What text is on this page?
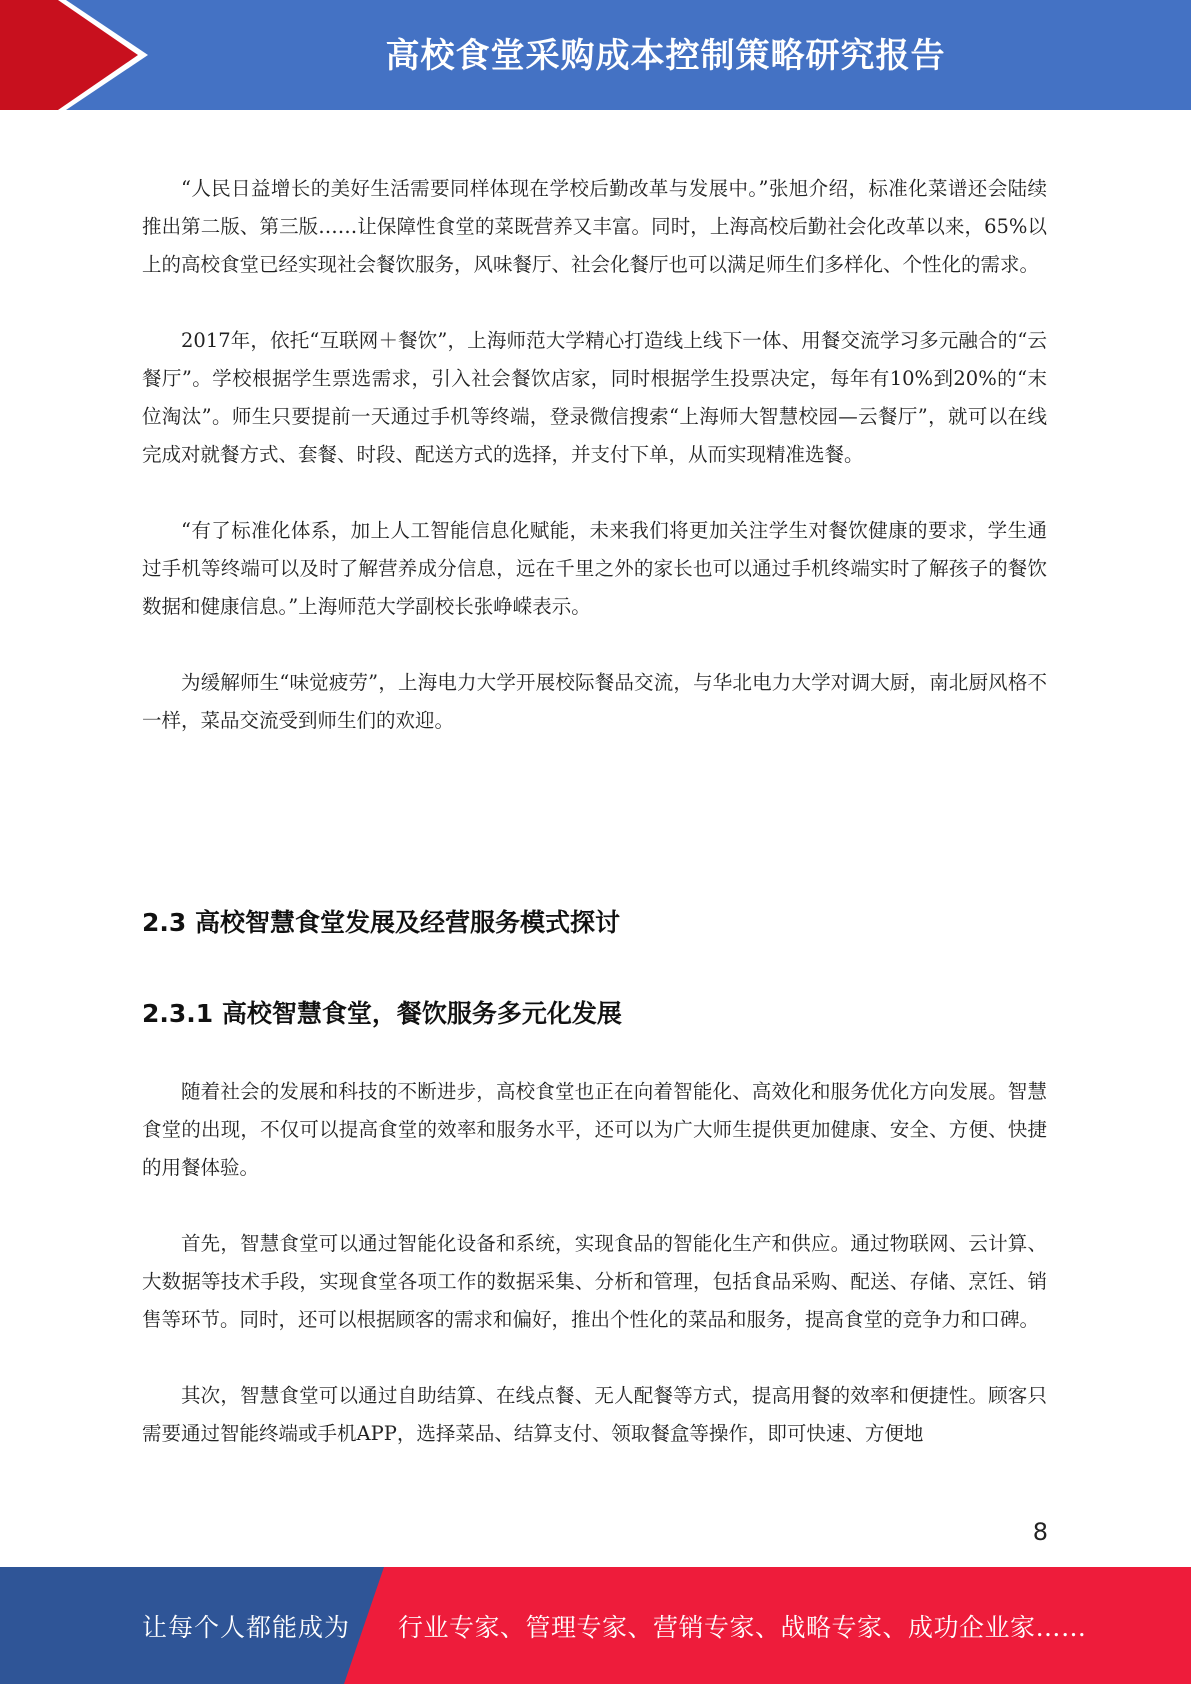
高校食堂采购成本控制策略研究报告

“人民日益增长的美好生活需要同样体现在学校后勤改革与发展中。”张旭介绍，标准化菜谱还会陆续推出第二版、第三版……让保障性食堂的菜既营养又丰富。同时，上海高校后勤社会化改革以来，65%以上的高校食堂已经实现社会餐饮服务，风味餐厅、社会化餐厅也可以满足师生们多样化、个性化的需求。

2017年，依托“互联网＋餐饮”，上海师范大学精心打造线上线下一体、用餐交流学习多元融合的“云餐厅”。学校根据学生票选需求，引入社会餐饮店家，同时根据学生投票决定，每年有10%到20%的“末位淘汰”。师生只要提前一天通过手机等终端，登录微信搜索“上海师大智慧校园—云餐厅”，就可以在线完成对就餐方式、套餐、时段、配送方式的选择，并支付下单，从而实现精准选餐。

“有了标准化体系，加上人工智能信息化赋能，未来我们将更加关注学生对餐饮健康的要求，学生通过手机等终端可以及时了解营养成分信息，远在千里之外的家长也可以通过手机终端实时了解孩子的餐饮数据和健康信息。”上海师范大学副校长张峥嵘表示。

为缓解师生“味觉疲劳”，上海电力大学开展校际餐品交流，与华北电力大学对调大厨，南北厨风格不一样，菜品交流受到师生们的欢迎。

2.3 高校智慧食堂发展及经营服务模式探讨
2.3.1 高校智慧食堂，餐饮服务多元化发展

随着社会的发展和科技的不断进步，高校食堂也正在向着智能化、高效化和服务优化方向发展。智慧食堂的出现，不仅可以提高食堂的效率和服务水平，还可以为广大师生提供更加健康、安全、方便、快捷的用餐体验。

首先，智慧食堂可以通过智能化设备和系统，实现食品的智能化生产和供应。通过物联网、云计算、大数据等技术手段，实现食堂各项工作的数据采集、分析和管理，包括食品采购、配送、存储、烹饪、销售等环节。同时，还可以根据顾客的需求和偏好，推出个性化的菜品和服务，提高食堂的竞争力和口碑。

其次，智慧食堂可以通过自助结算、在线点餐、无人配餐等方式，提高用餐的效率和便捷性。顾客只需要通过智能终端或手机APP，选择菜品、结算支付、领取餐盒等操作，即可快速、方便地

8
让每个人都能成为 行业专家、管理专家、营销专家、战略专家、成功企业家……
